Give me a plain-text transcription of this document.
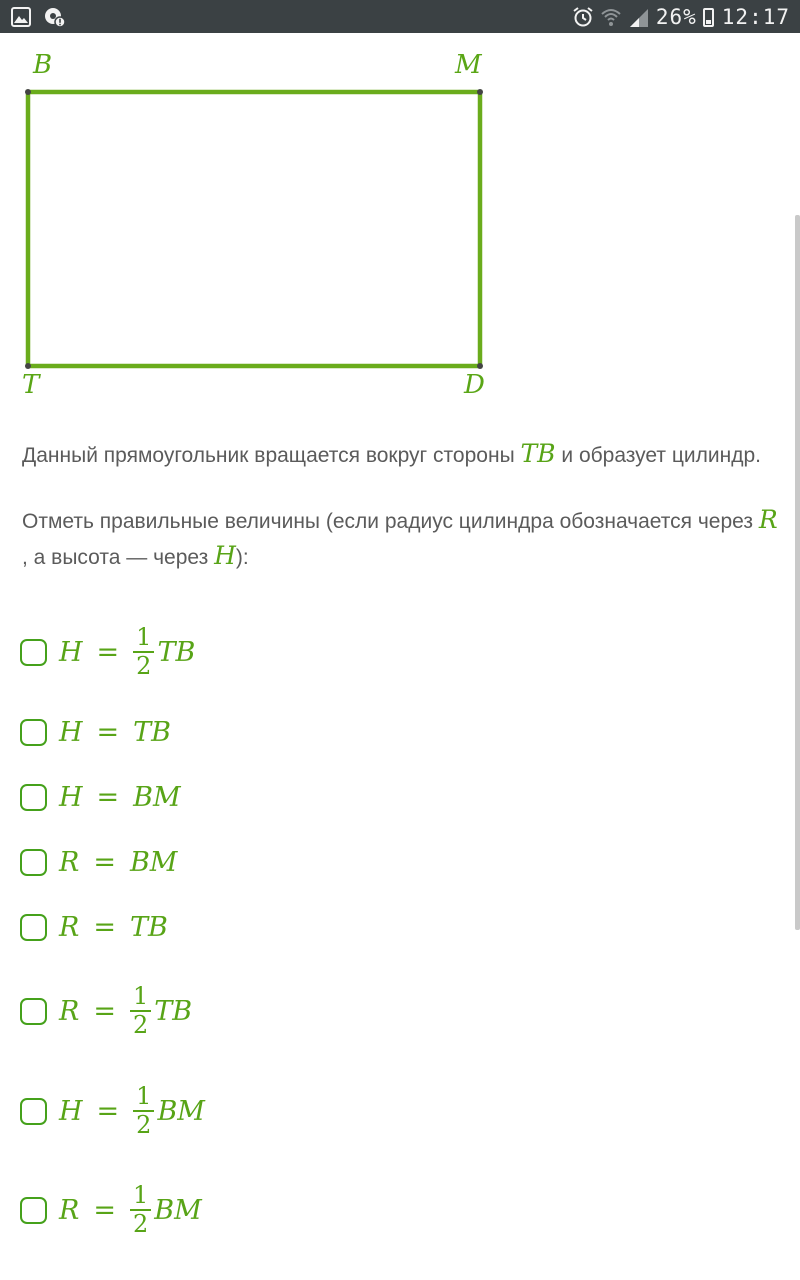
26% 12:17
B	M
T	D

Данный прямоугольник вращается вокруг стороны TB и образует цилиндр.

Отметь правильные величины (если радиус цилиндра обозначается через R
, а высота — через H):

$H = \frac{1}{2}$ TB
H = TB
H = BM
R = BM
R = TB
$R = \frac{1}{2}$ TB
$H = \frac{1}{2}$ BM
$R = \frac{1}{2}$ BM
